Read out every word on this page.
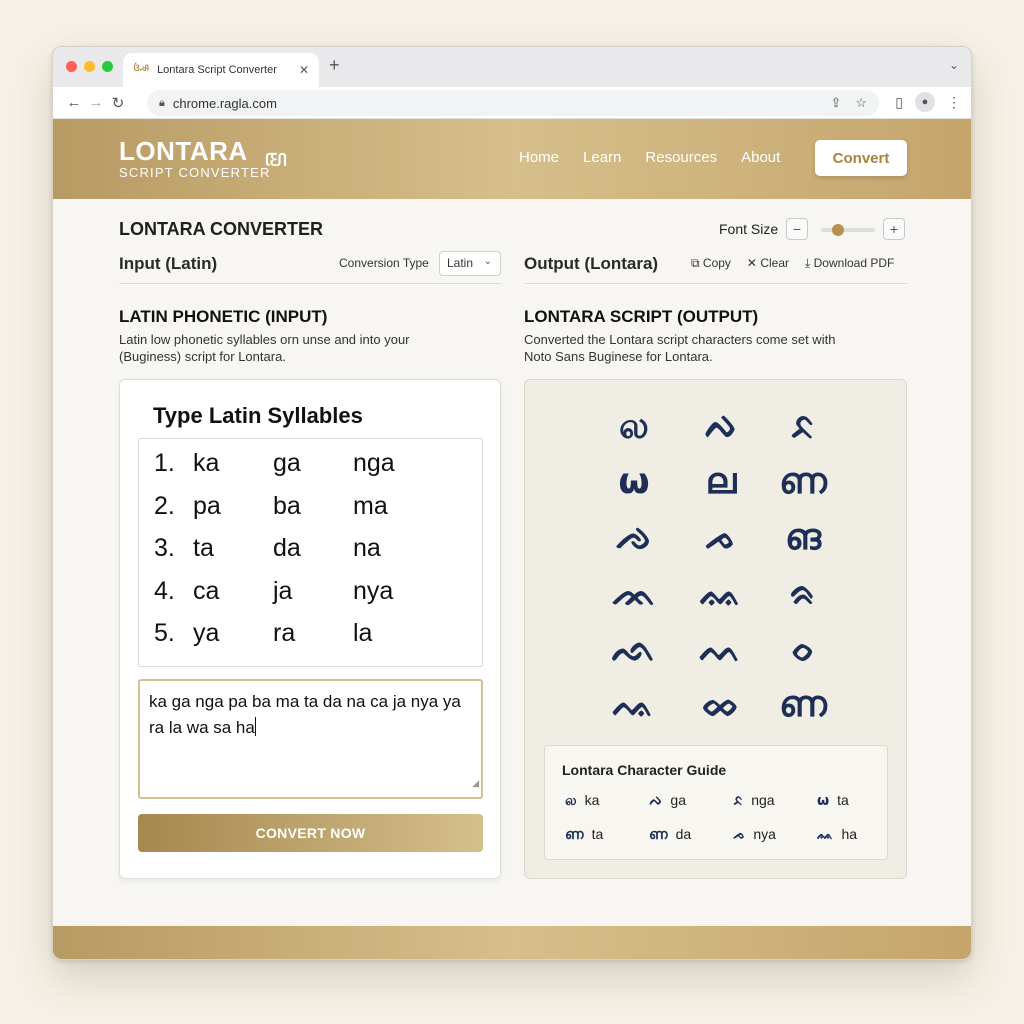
ꦄ Lontara Script Converter ✕ +	⌄
← → ↻	🔒︎ chrome.ragla.com	⇪ ☆ ▯	●	⋮
LONTARA
SCRIPT CONVERTER
ꦩ	Home Learn Resources About	Convert
LONTARA CONVERTER	Font Size	−	+
Input (Latin)	Conversion Type	Latin ⌄ Output (Lontara)	⧉ Copy ✕ Clear ⤓ Download PDF
LATIN PHONETIC (INPUT)
Latin low phonetic syllables orn unse and into your
(Buginess) script for Lontara.
LONTARA SCRIPT (OUTPUT)
Converted the Lontara script characters come set with
Noto Sans Buginese for Lontara.
Type Latin Syllables
1. ka ga nga
2. pa ba ma
3. ta da na
4. ca ja nya
5. ya ra la
ka ga nga pa ba ma ta da na ca ja nya ya
ra la wa sa ha
◢
CONVERT NOW
ல	ᨄ	ᨅ
ω	ല	ണ
ᨌ	ᨍ	ങ
ᨏ ᨐ	ᨑ
ᨒ ᨓ	ᨔ
ᨕ ᨖ ണ
Lontara Character Guide
ல ka	ᨄ ga	ᨅ nga	ω ta
ണ ta	ണ da	ᨍ nya	ᨐ ha
